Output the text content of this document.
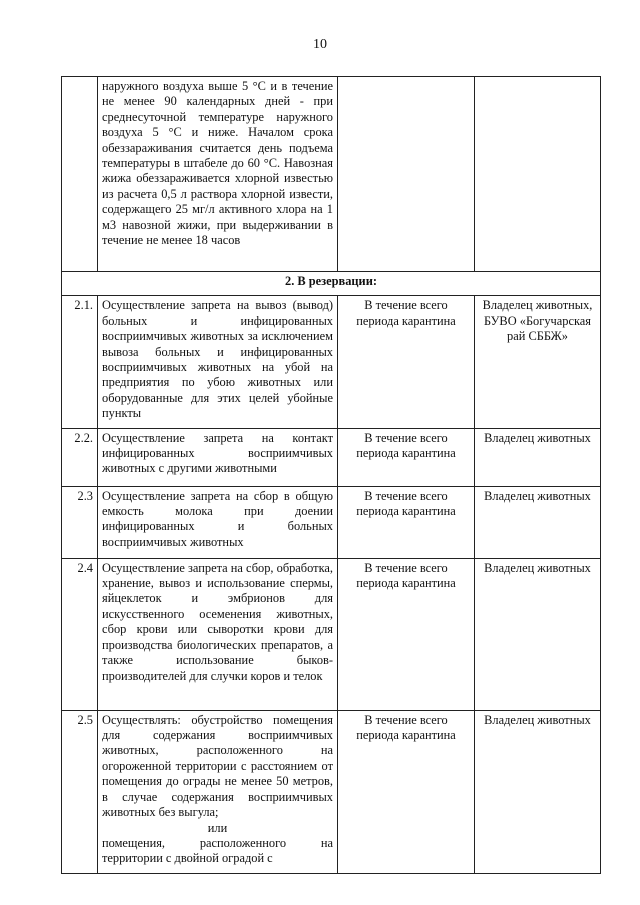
10
	наружного воздуха выше 5 °С и в течение не менее 90 календарных дней - при среднесуточной температуре наружного воздуха 5 °С и ниже. Началом срока обеззараживания считается день подъема температуры в штабеле до 60 °С. Навозная жижа обеззараживается хлорной известью из расчета 0,5 л раствора хлорной извести, содержащего 25 мг/л активного хлора на 1 м3 навозной жижи, при выдерживании в течение не менее 18 часов		
2. В резервации:			
2.1.	Осуществление запрета на вывоз (вывод) больных и инфицированных восприимчивых животных за исключением вывоза больных и инфицированных восприимчивых животных на убой на предприятия по убою животных или оборудованные для этих целей убойные пункты	В течение всего периода карантина	Владелец животных, БУВО «Богучарская рай СББЖ»
2.2.	Осуществление запрета на контакт инфицированных восприимчивых животных с другими животными	В течение всего периода карантина	Владелец животных
2.3	Осуществление запрета на сбор в общую емкость молока при доении инфицированных и больных восприимчивых животных	В течение всего периода карантина	Владелец животных
2.4	Осуществление запрета на сбор, обработка, хранение, вывоз и использование спермы, яйцеклеток и эмбрионов для искусственного осеменения животных, сбор крови или сыворотки крови для производства биологических препаратов, а также использование быков-производителей для случки коров и телок	В течение всего периода карантина	Владелец животных
2.5	Осуществлять: обустройство помещения для содержания восприимчивых животных, расположенного на огороженной территории с расстоянием от помещения до ограды не менее 50 метров, в случае содержания восприимчивых животных без выгула;
или
помещения, расположенного на территории с двойной оградой с	В течение всего периода карантина	Владелец животных
